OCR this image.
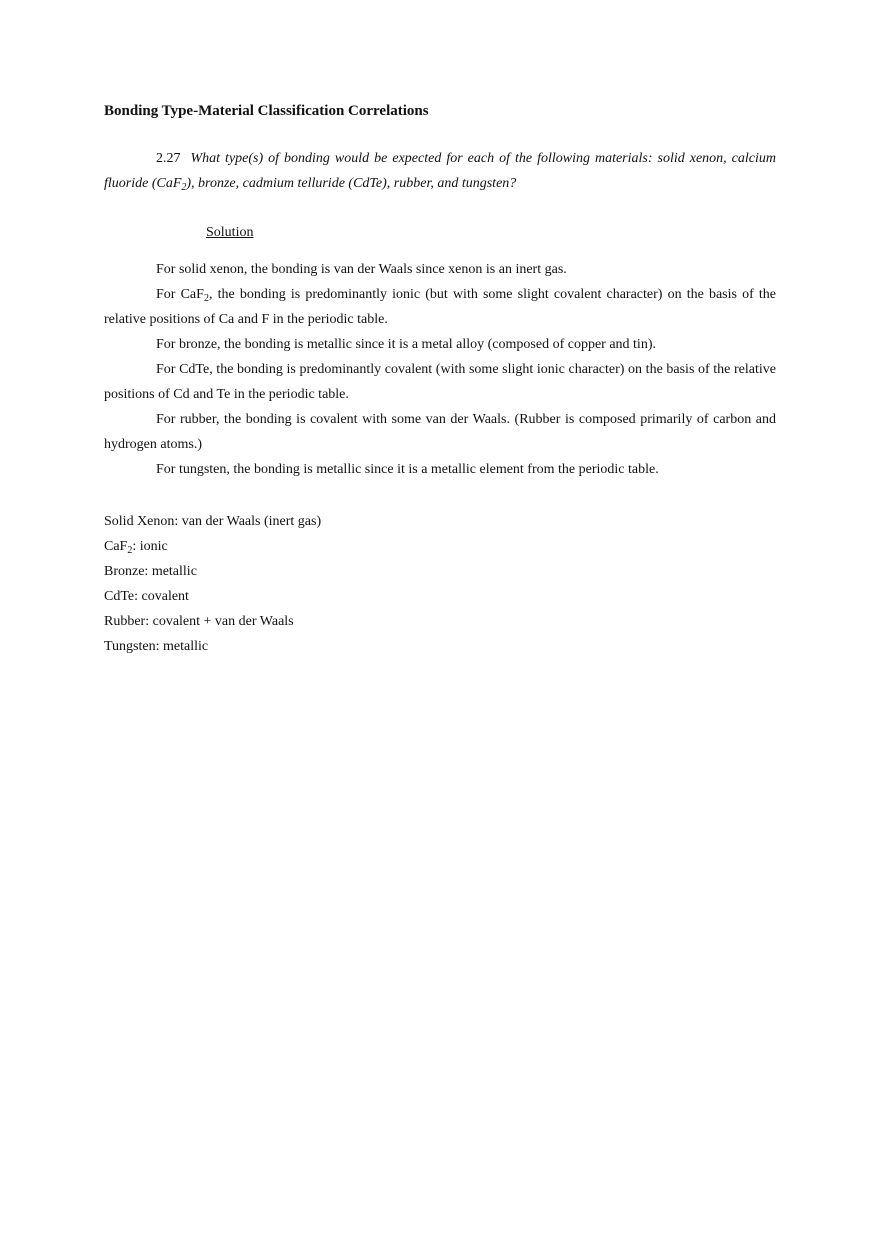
Bonding Type-Material Classification Correlations

2.27 What type(s) of bonding would be expected for each of the following materials: solid xenon, calcium fluoride (CaF$_2$), bronze, cadmium telluride (CdTe), rubber, and tungsten?

Solution

For solid xenon, the bonding is van der Waals since xenon is an inert gas.

For CaF$_2$, the bonding is predominantly ionic (but with some slight covalent character) on the basis of the relative positions of Ca and F in the periodic table.

For bronze, the bonding is metallic since it is a metal alloy (composed of copper and tin).

For CdTe, the bonding is predominantly covalent (with some slight ionic character) on the basis of the relative positions of Cd and Te in the periodic table.

For rubber, the bonding is covalent with some van der Waals. (Rubber is composed primarily of carbon and hydrogen atoms.)

For tungsten, the bonding is metallic since it is a metallic element from the periodic table.

Solid Xenon: van der Waals (inert gas)

CaF$_2$: ionic

Bronze: metallic

CdTe: covalent

Rubber: covalent + van der Waals

Tungsten: metallic
